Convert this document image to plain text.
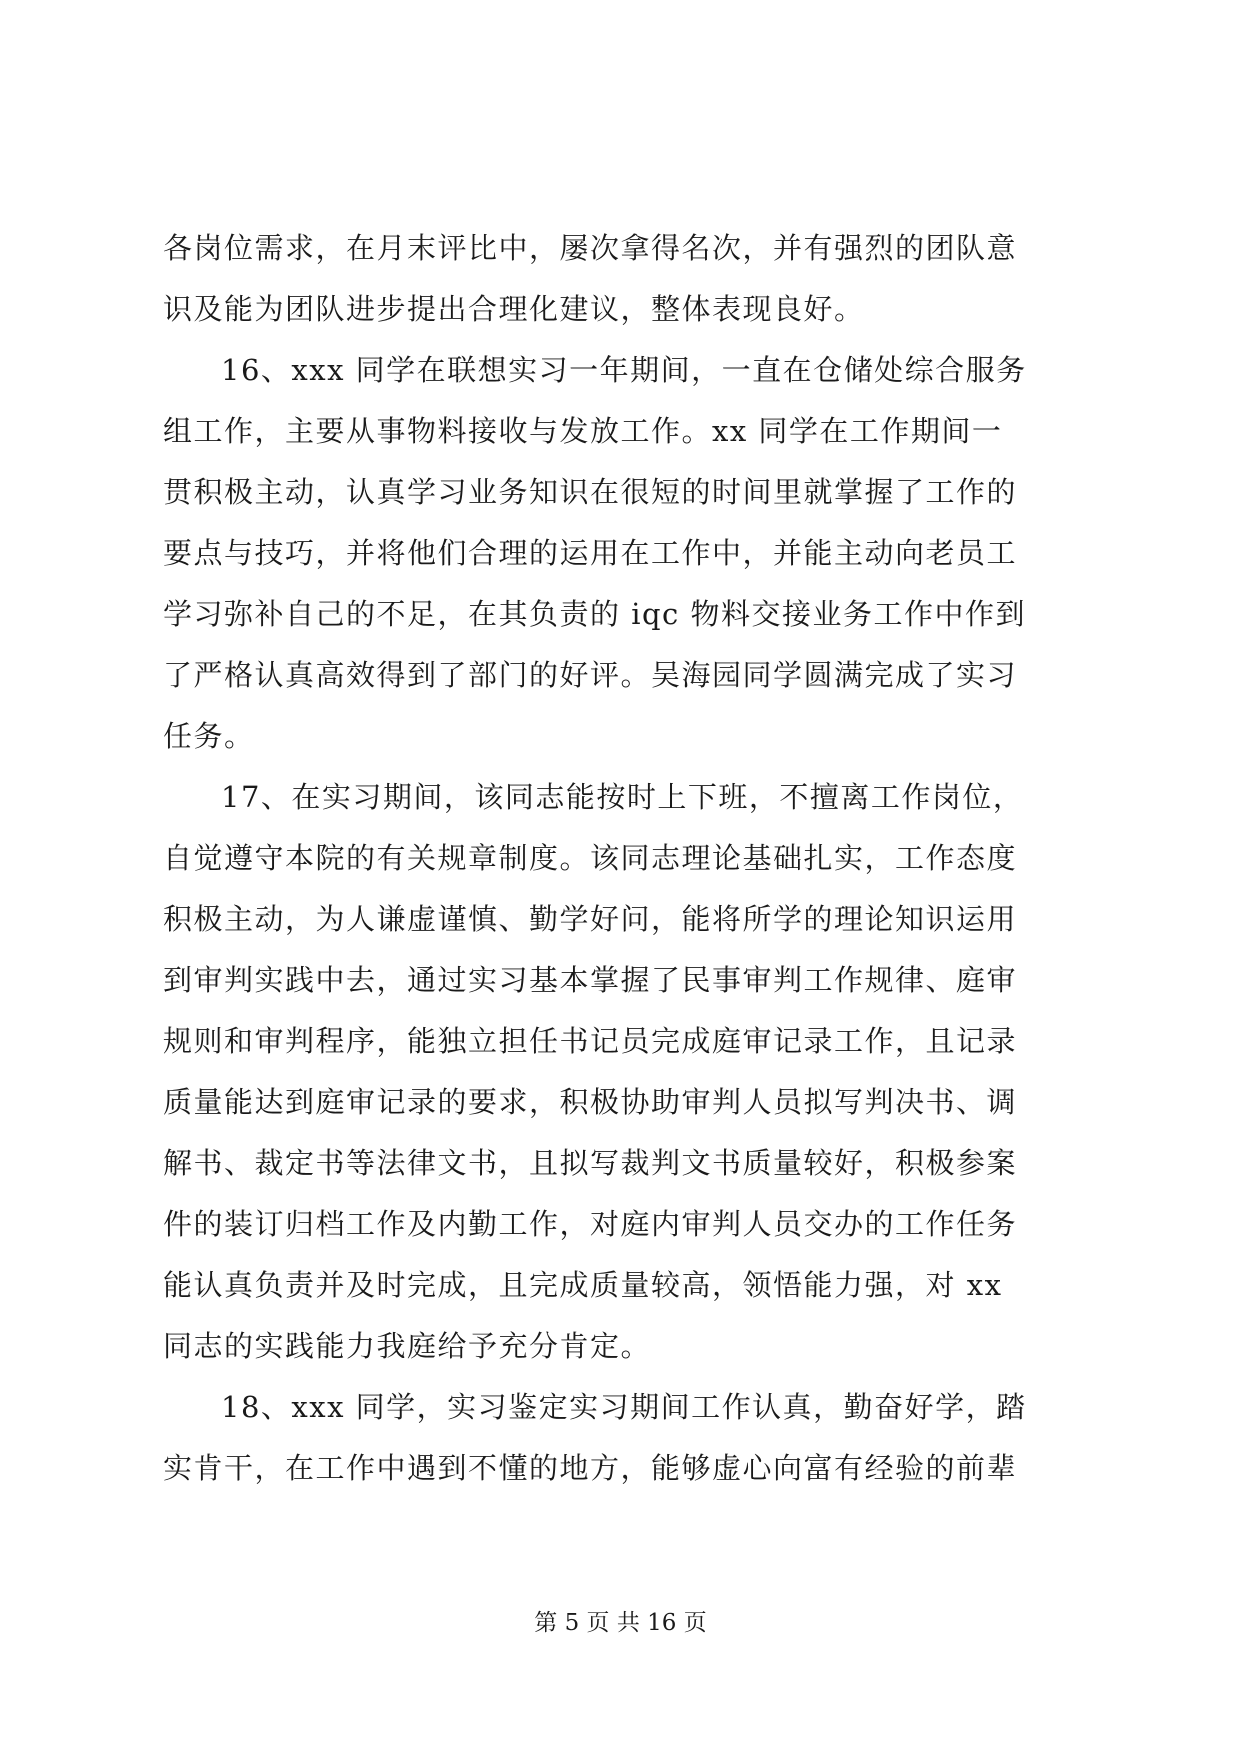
各岗位需求，在月末评比中，屡次拿得名次，并有强烈的团队意
识及能为团队进步提出合理化建议，整体表现良好。
16、xxx 同学在联想实习一年期间，一直在仓储处综合服务
组工作，主要从事物料接收与发放工作。xx 同学在工作期间一
贯积极主动，认真学习业务知识在很短的时间里就掌握了工作的
要点与技巧，并将他们合理的运用在工作中，并能主动向老员工
学习弥补自己的不足，在其负责的 iqc 物料交接业务工作中作到
了严格认真高效得到了部门的好评。吴海园同学圆满完成了实习
任务。
17、在实习期间，该同志能按时上下班，不擅离工作岗位，
自觉遵守本院的有关规章制度。该同志理论基础扎实，工作态度
积极主动，为人谦虚谨慎、勤学好问，能将所学的理论知识运用
到审判实践中去，通过实习基本掌握了民事审判工作规律、庭审
规则和审判程序，能独立担任书记员完成庭审记录工作，且记录
质量能达到庭审记录的要求，积极协助审判人员拟写判决书、调
解书、裁定书等法律文书，且拟写裁判文书质量较好，积极参案
件的装订归档工作及内勤工作，对庭内审判人员交办的工作任务
能认真负责并及时完成，且完成质量较高，领悟能力强，对 xx
同志的实践能力我庭给予充分肯定。
18、xxx 同学，实习鉴定实习期间工作认真，勤奋好学，踏
实肯干，在工作中遇到不懂的地方，能够虚心向富有经验的前辈
第 5 页 共 16 页
